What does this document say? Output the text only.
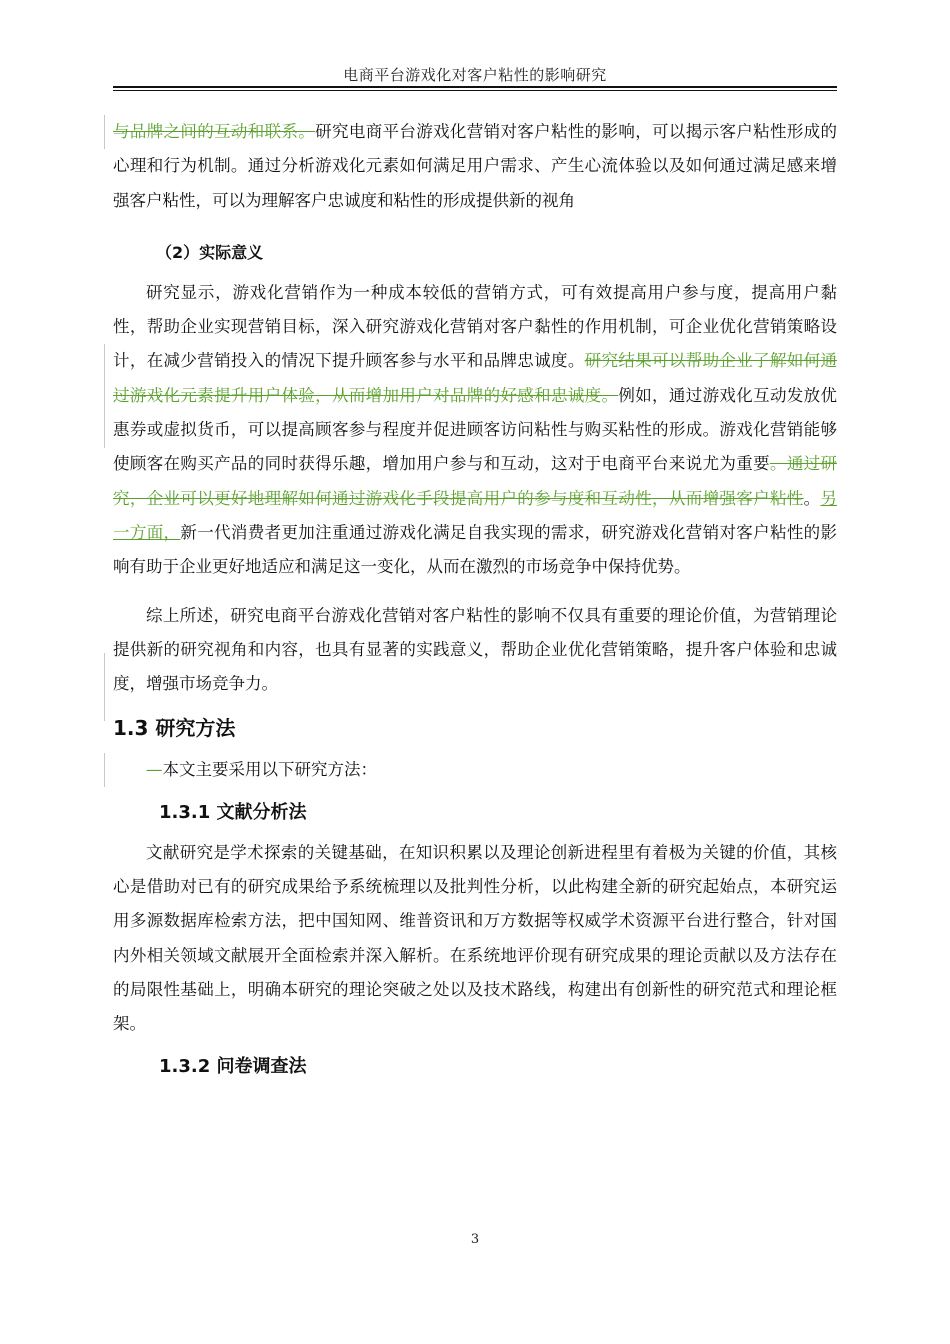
电商平台游戏化对客户粘性的影响研究

与品牌之间的互动和联系。研究电商平台游戏化营销对客户粘性的影响，可以揭示客户粘性形成的心理和行为机制。通过分析游戏化元素如何满足用户需求、产生心流体验以及如何通过满足感来增强客户粘性，可以为理解客户忠诚度和粘性的形成提供新的视角

（2）实际意义

研究显示，游戏化营销作为一种成本较低的营销方式，可有效提高用户参与度，提高用户黏性，帮助企业实现营销目标，深入研究游戏化营销对客户黏性的作用机制，可企业优化营销策略设计，在减少营销投入的情况下提升顾客参与水平和品牌忠诚度。研究结果可以帮助企业了解如何通过游戏化元素提升用户体验，从而增加用户对品牌的好感和忠诚度。例如，通过游戏化互动发放优惠券或虚拟货币，可以提高顾客参与程度并促进顾客访问粘性与购买粘性的形成。游戏化营销能够使顾客在购买产品的同时获得乐趣，增加用户参与和互动，这对于电商平台来说尤为重要。通过研究，企业可以更好地理解如何通过游戏化手段提高用户的参与度和互动性，从而增强客户粘性。另一方面，新一代消费者更加注重通过游戏化满足自我实现的需求，研究游戏化营销对客户粘性的影响有助于企业更好地适应和满足这一变化，从而在激烈的市场竞争中保持优势。

综上所述，研究电商平台游戏化营销对客户粘性的影响不仅具有重要的理论价值，为营销理论提供新的研究视角和内容，也具有显著的实践意义，帮助企业优化营销策略，提升客户体验和忠诚度，增强市场竞争力。

1.3 研究方法

—本文主要采用以下研究方法：

1.3.1 文献分析法

文献研究是学术探索的关键基础，在知识积累以及理论创新进程里有着极为关键的价值，其核心是借助对已有的研究成果给予系统梳理以及批判性分析，以此构建全新的研究起始点，本研究运用多源数据库检索方法，把中国知网、维普资讯和万方数据等权威学术资源平台进行整合，针对国内外相关领域文献展开全面检索并深入解析。在系统地评价现有研究成果的理论贡献以及方法存在的局限性基础上，明确本研究的理论突破之处以及技术路线，构建出有创新性的研究范式和理论框架。

1.3.2 问卷调查法

3
